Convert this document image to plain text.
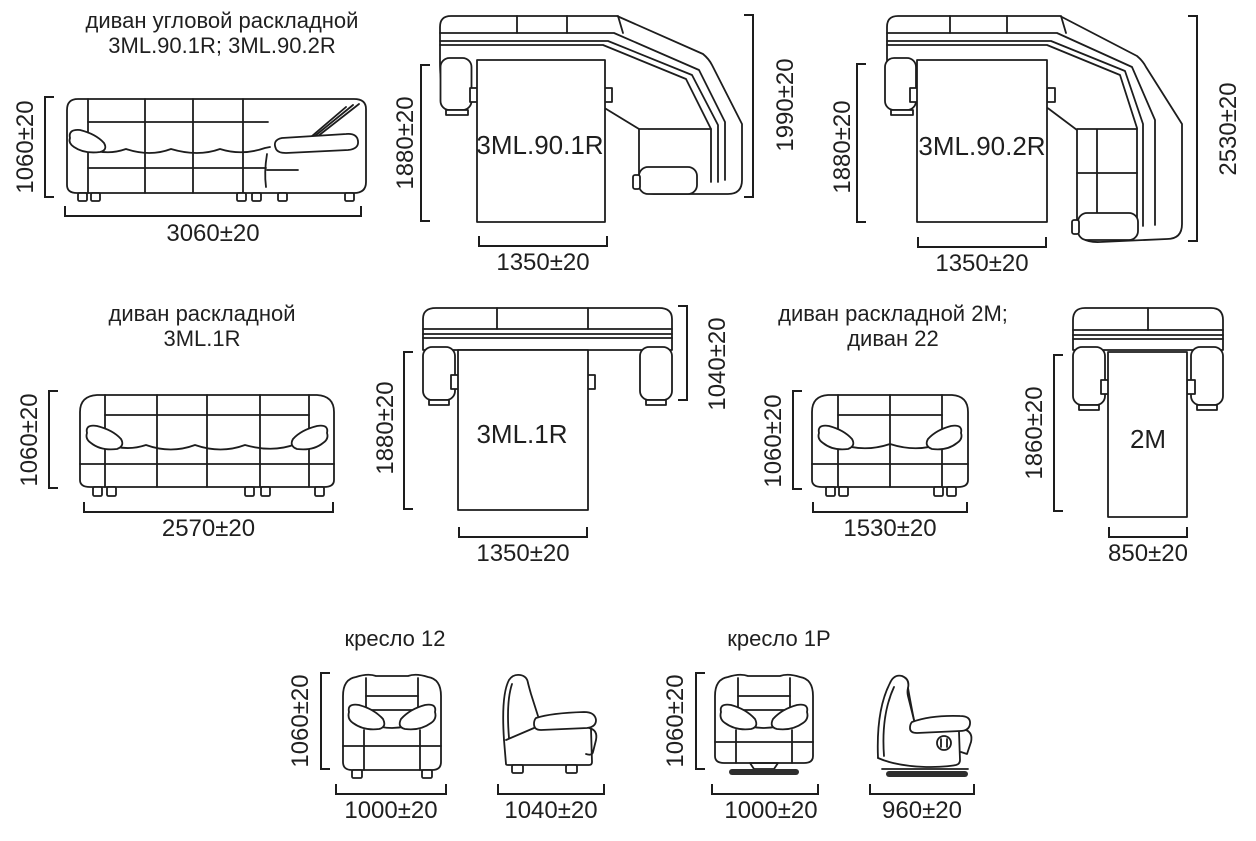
диван угловой раскладной
3ML.90.1R; 3ML.90.2R
1060±20
3060±20
3ML.90.1R
1880±20	1990±20
1350±20
3ML.90.2R
1880±20	2530±20
1350±20
диван раскладной
3ML.1R
1060±20
2570±20
3ML.1R
1880±20
1040±20
1350±20
диван раскладной 2М;
диван 22
1060±20
1530±20
2M
1860±20
850±20
кресло 12
1060±20
1000±20	1040±20
кресло 1Р
1060±20
1000±20	960±20
